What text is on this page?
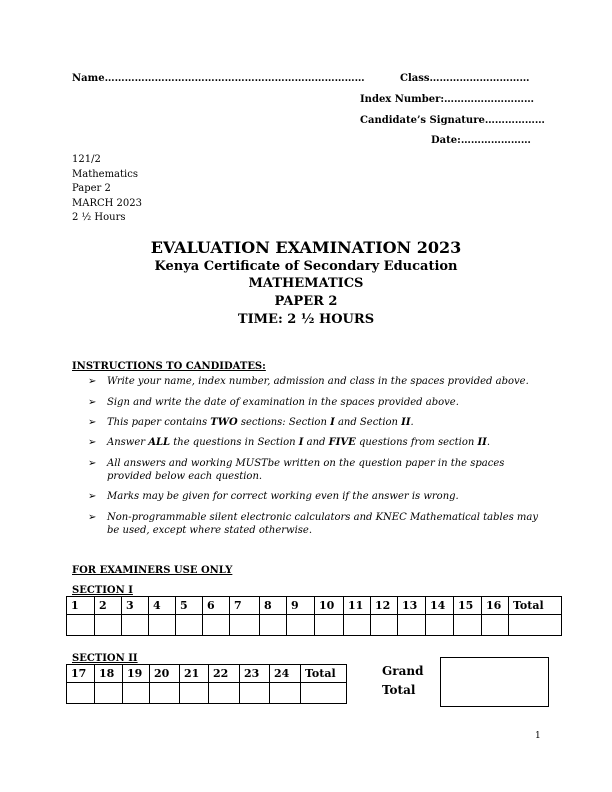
Name……………………………………………………………………	Class…………………………
Index Number:………………………
Candidate’s Signature………………
Date:…………………
121/2
Mathematics
Paper 2
MARCH 2023
2 ½ Hours
EVALUATION EXAMINATION 2023
Kenya Certificate of Secondary Education
MATHEMATICS
PAPER 2
TIME: 2 ½ HOURS
INSTRUCTIONS TO CANDIDATES:
➢ Write your name, index number, admission and class in the spaces provided above.
➢ Sign and write the date of examination in the spaces provided above.
➢ This paper contains TWO sections: Section I and Section II.
➢ Answer ALL the questions in Section I and FIVE questions from section II.
➢ All answers and working MUSTbe written on the question paper in the spaces provided below each question.
➢ Marks may be given for correct working even if the answer is wrong.
➢ Non-programmable silent electronic calculators and KNEC Mathematical tables may be used, except where stated otherwise.
FOR EXAMINERS USE ONLY
SECTION I
1	2	3	4	5	6	7	8	9	10	11	12	13	14	15	16	Total

SECTION II
17	18	19	20	21	22	23	24	Total
									Grand
Total
1
